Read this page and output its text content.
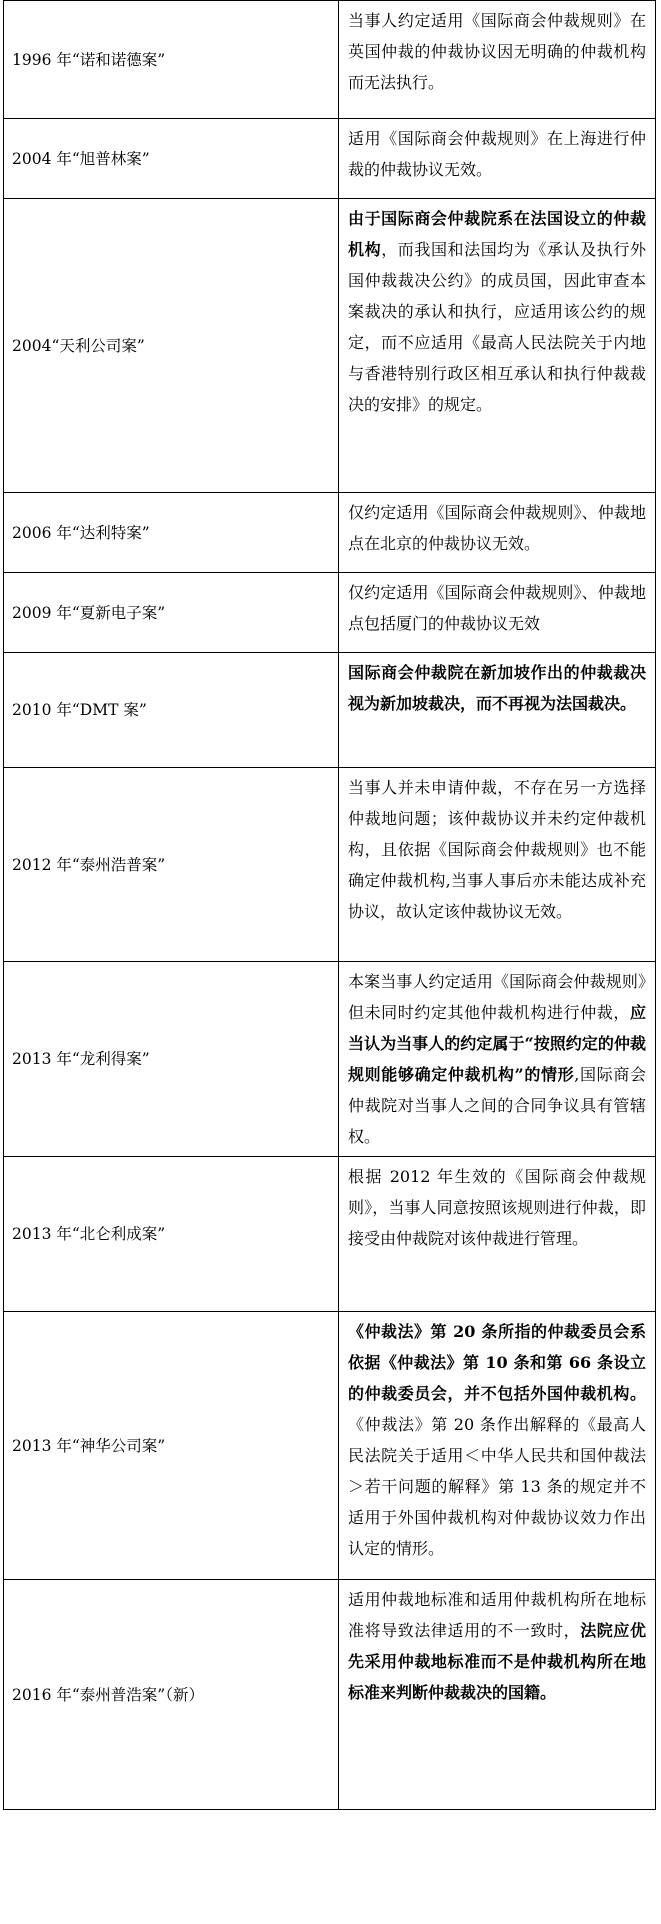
1996 年“诺和诺德案”	当事人约定适用《国际商会仲裁规则》在英国仲裁的仲裁协议因无明确的仲裁机构而无法执行。
2004 年“旭普林案”	适用《国际商会仲裁规则》在上海进行仲裁的仲裁协议无效。
2004“天利公司案”	由于国际商会仲裁院系在法国设立的仲裁机构，而我国和法国均为《承认及执行外国仲裁裁决公约》的成员国，因此审查本案裁决的承认和执行，应适用该公约的规定，而不应适用《最高人民法院关于内地与香港特别行政区相互承认和执行仲裁裁决的安排》的规定。
2006 年“达利特案”	仅约定适用《国际商会仲裁规则》、仲裁地点在北京的仲裁协议无效。
2009 年“夏新电子案”	仅约定适用《国际商会仲裁规则》、仲裁地点包括厦门的仲裁协议无效
2010 年“DMT 案”	国际商会仲裁院在新加坡作出的仲裁裁决视为新加坡裁决，而不再视为法国裁决。
2012 年“泰州浩普案”	当事人并未申请仲裁，不存在另一方选择仲裁地问题；该仲裁协议并未约定仲裁机构，且依据《国际商会仲裁规则》也不能确定仲裁机构,当事人事后亦未能达成补充协议，故认定该仲裁协议无效。
2013 年“龙利得案”	本案当事人约定适用《国际商会仲裁规则》但未同时约定其他仲裁机构进行仲裁，应当认为当事人的约定属于“按照约定的仲裁规则能够确定仲裁机构”的情形,国际商会仲裁院对当事人之间的合同争议具有管辖权。
2013 年“北仑利成案”	根据 2012 年生效的《国际商会仲裁规则》，当事人同意按照该规则进行仲裁，即接受由仲裁院对该仲裁进行管理。
2013 年“神华公司案”	《仲裁法》第 20 条所指的仲裁委员会系依据《仲裁法》第 10 条和第 66 条设立的仲裁委员会，并不包括外国仲裁机构。《仲裁法》第 20 条作出解释的《最高人民法院关于适用＜中华人民共和国仲裁法＞若干问题的解释》第 13 条的规定并不适用于外国仲裁机构对仲裁协议效力作出认定的情形。
2016 年“泰州普浩案”（新）	适用仲裁地标准和适用仲裁机构所在地标准将导致法律适用的不一致时，法院应优先采用仲裁地标准而不是仲裁机构所在地标准来判断仲裁裁决的国籍。
